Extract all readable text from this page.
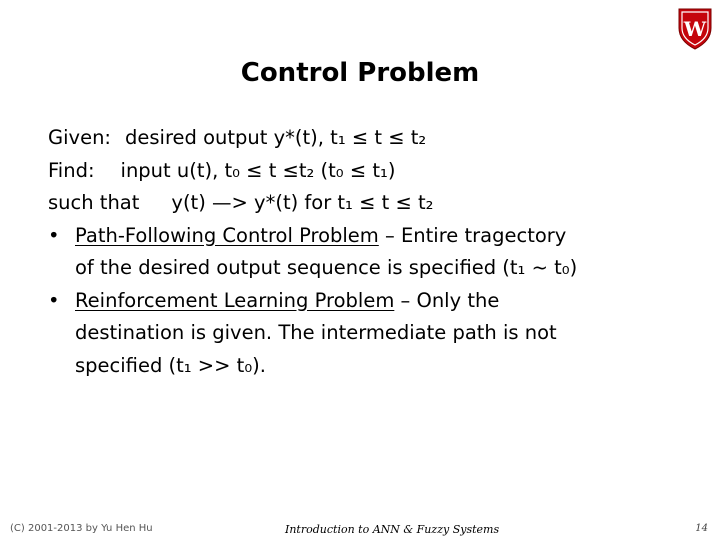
W
Control Problem
Given: desired output y*(t), t₁ ≤ t ≤ t₂
Find: input u(t), t₀ ≤ t ≤t₂ (t₀ ≤ t₁)
such that y(t) —> y*(t) for t₁ ≤ t ≤ t₂
• Path-Following Control Problem – Entire tragectory
of the desired output sequence is specified (t₁ ~ t₀)
• Reinforcement Learning Problem – Only the
destination is given. The intermediate path is not
specified (t₁ >> t₀).
(C) 2001-2013 by Yu Hen Hu	Introduction to ANN & Fuzzy Systems	14
